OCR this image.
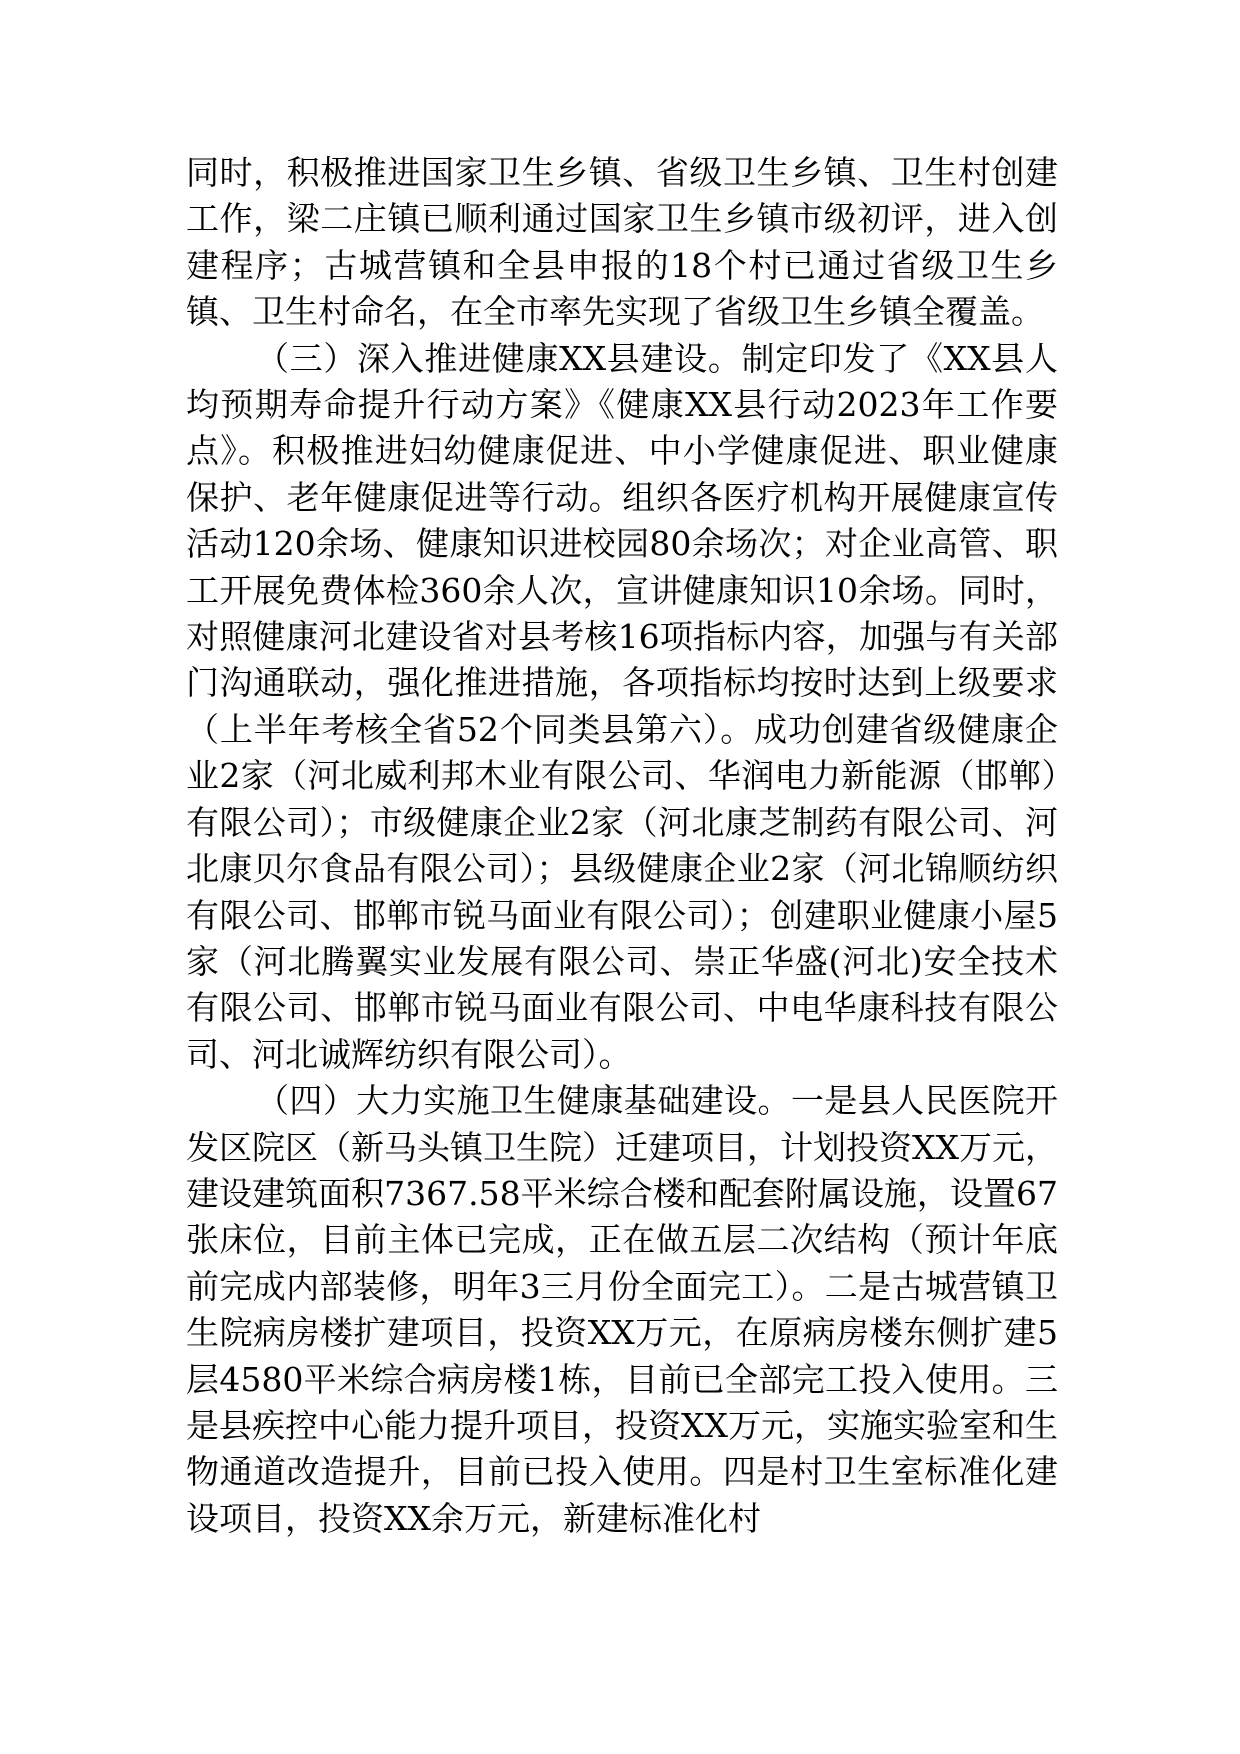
同时，积极推进国家卫生乡镇、省级卫生乡镇、卫生村创建工作，梁二庄镇已顺利通过国家卫生乡镇市级初评，进入创建程序；古城营镇和全县申报的18个村已通过省级卫生乡镇、卫生村命名，在全市率先实现了省级卫生乡镇全覆盖。

（三）深入推进健康XX县建设。制定印发了《XX县人均预期寿命提升行动方案》《健康XX县行动2023年工作要点》。积极推进妇幼健康促进、中小学健康促进、职业健康保护、老年健康促进等行动。组织各医疗机构开展健康宣传活动120余场、健康知识进校园80余场次；对企业高管、职工开展免费体检360余人次，宣讲健康知识10余场。同时，对照健康河北建设省对县考核16项指标内容，加强与有关部门沟通联动，强化推进措施，各项指标均按时达到上级要求（上半年考核全省52个同类县第六）。成功创建省级健康企业2家（河北威利邦木业有限公司、华润电力新能源（邯郸）有限公司）；市级健康企业2家（河北康芝制药有限公司、河北康贝尔食品有限公司）；县级健康企业2家（河北锦顺纺织有限公司、邯郸市锐马面业有限公司）；创建职业健康小屋5家（河北腾翼实业发展有限公司、崇正华盛(河北)安全技术有限公司、邯郸市锐马面业有限公司、中电华康科技有限公司、河北诚辉纺织有限公司）。

（四）大力实施卫生健康基础建设。一是县人民医院开发区院区（新马头镇卫生院）迁建项目，计划投资XX万元，建设建筑面积7367.58平米综合楼和配套附属设施，设置67张床位，目前主体已完成，正在做五层二次结构（预计年底前完成内部装修，明年3三月份全面完工）。二是古城营镇卫生院病房楼扩建项目，投资XX万元，在原病房楼东侧扩建5层4580平米综合病房楼1栋，目前已全部完工投入使用。三是县疾控中心能力提升项目，投资XX万元，实施实验室和生物通道改造提升，目前已投入使用。四是村卫生室标准化建设项目，投资XX余万元，新建标准化村
